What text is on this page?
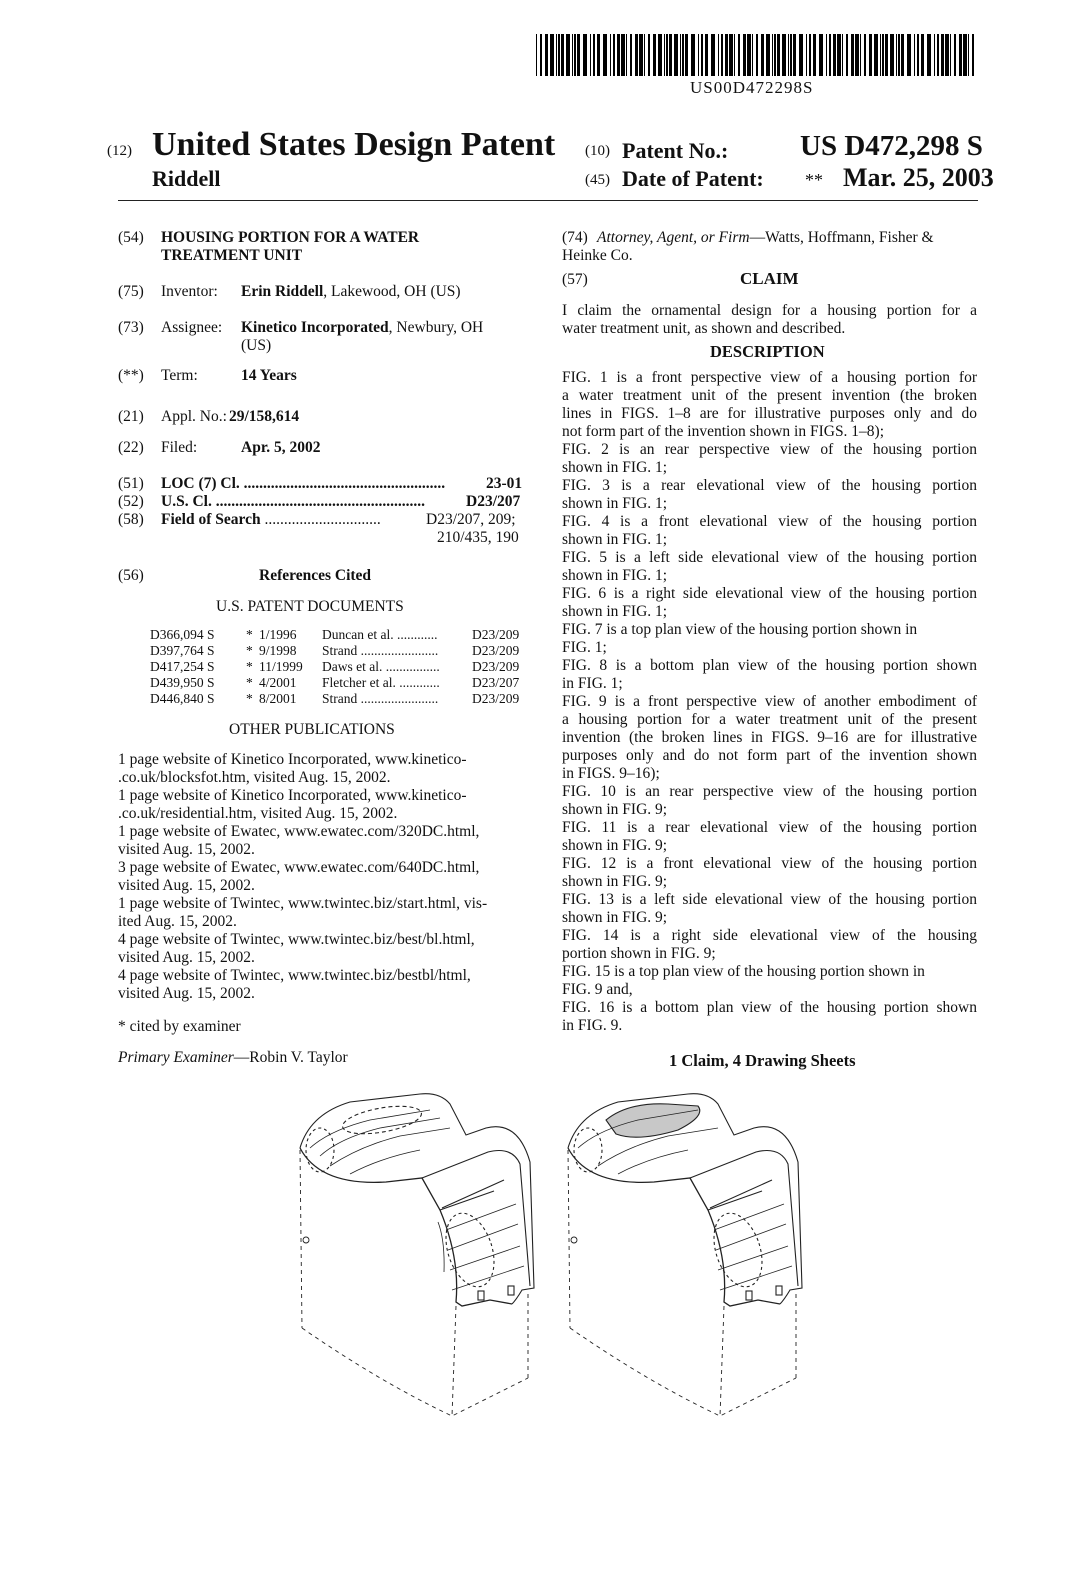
US00D472298S
(12) United States Design Patent
Riddell
(10) Patent No.: US D472,298 S
(45) Date of Patent: ** Mar. 25, 2003
(54) HOUSING PORTION FOR A WATER
TREATMENT UNIT
(75) Inventor: Erin Riddell, Lakewood, OH (US)
(73) Assignee: Kinetico Incorporated, Newbury, OH
(US)
(**) Term:	14 Years
(21) Appl. No.: 29/158,614
(22) Filed:	Apr. 5, 2002
(51) LOC (7) Cl. ....................................................	23-01
(52) U.S. Cl. ......................................................	D23/207
(58) Field of Search ..............................	D23/207, 209;
210/435, 190
(56)	References Cited
U.S. PATENT DOCUMENTS
D366,094 S * 1/1996 Duncan et al. ............	D23/209
D397,764 S * 9/1998 Strand .......................	D23/209
D417,254 S * 11/1999 Daws et al. ................ D23/209
D439,950 S * 4/2001 Fletcher et al. ............ D23/207
D446,840 S * 8/2001 Strand .......................	D23/209
OTHER PUBLICATIONS

1 page website of Kinetico Incorporated, www.kinetico-

.co.uk/blocksfot.htm, visited Aug. 15, 2002.

1 page website of Kinetico Incorporated, www.kinetico-

.co.uk/residential.htm, visited Aug. 15, 2002.

1 page website of Ewatec, www.ewatec.com/320DC.html,

visited Aug. 15, 2002.

3 page website of Ewatec, www.ewatec.com/640DC.html,

visited Aug. 15, 2002.

1 page website of Twintec, www.twintec.biz/start.html, vis-

ited Aug. 15, 2002.

4 page website of Twintec, www.twintec.biz/best/bl.html,

visited Aug. 15, 2002.

4 page website of Twintec, www.twintec.biz/bestbl/html,

visited Aug. 15, 2002.

* cited by examiner
Primary Examiner—Robin V. Taylor
(74) Attorney, Agent, or Firm—Watts, Hoffmann, Fisher &
Heinke Co.
(57)	CLAIM
I claim the ornamental design for a housing portion for a
water treatment unit, as shown and described.
DESCRIPTION

FIG. 1 is a front perspective view of a housing portion for

a water treatment unit of the present invention (the broken

lines in FIGS. 1–8 are for illustrative purposes only and do

not form part of the invention shown in FIGS. 1–8);

FIG. 2 is an rear perspective view of the housing portion

shown in FIG. 1;

FIG. 3 is a rear elevational view of the housing portion

shown in FIG. 1;

FIG. 4 is a front elevational view of the housing portion

shown in FIG. 1;

FIG. 5 is a left side elevational view of the housing portion

shown in FIG. 1;

FIG. 6 is a right side elevational view of the housing portion

shown in FIG. 1;

FIG. 7 is a top plan view of the housing portion shown in

FIG. 1;

FIG. 8 is a bottom plan view of the housing portion shown

in FIG. 1;

FIG. 9 is a front perspective view of another embodiment of

a housing portion for a water treatment unit of the present

invention (the broken lines in FIGS. 9–16 are for illustrative

purposes only and do not form part of the invention shown

in FIGS. 9–16);

FIG. 10 is an rear perspective view of the housing portion

shown in FIG. 9;

FIG. 11 is a rear elevational view of the housing portion

shown in FIG. 9;

FIG. 12 is a front elevational view of the housing portion

shown in FIG. 9;

FIG. 13 is a left side elevational view of the housing portion

shown in FIG. 9;

FIG. 14 is a right side elevational view of the housing

portion shown in FIG. 9;

FIG. 15 is a top plan view of the housing portion shown in

FIG. 9 and,

FIG. 16 is a bottom plan view of the housing portion shown

in FIG. 9.

1 Claim, 4 Drawing Sheets
